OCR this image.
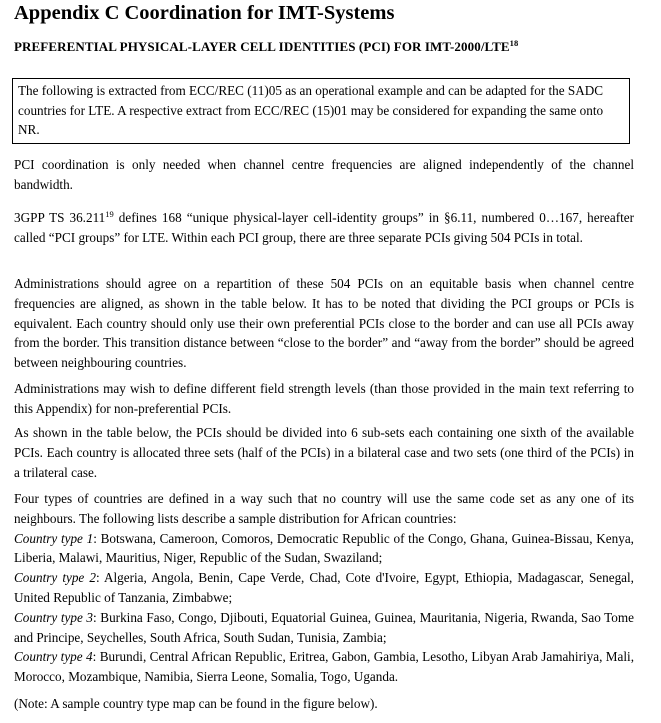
Appendix C Coordination for IMT-Systems
PREFERENTIAL PHYSICAL-LAYER CELL IDENTITIES (PCI) FOR IMT-2000/LTE$^{18}$
The following is extracted from ECC/REC (11)05 as an operational example and can be adapted for the SADC countries for LTE. A respective extract from ECC/REC (15)01 may be considered for expanding the same onto NR.
PCI coordination is only needed when channel centre frequencies are aligned independently of the channel bandwidth.
3GPP TS 36.211$^{19}$ defines 168 “unique physical-layer cell-identity groups” in §6.11, numbered 0…167, hereafter called “PCI groups” for LTE. Within each PCI group, there are three separate PCIs giving 504 PCIs in total.
Administrations should agree on a repartition of these 504 PCIs on an equitable basis when channel centre frequencies are aligned, as shown in the table below. It has to be noted that dividing the PCI groups or PCIs is equivalent. Each country should only use their own preferential PCIs close to the border and can use all PCIs away from the border. This transition distance between “close to the border” and “away from the border” should be agreed between neighbouring countries.
Administrations may wish to define different field strength levels (than those provided in the main text referring to this Appendix) for non-preferential PCIs.
As shown in the table below, the PCIs should be divided into 6 sub-sets each containing one sixth of the available PCIs. Each country is allocated three sets (half of the PCIs) in a bilateral case and two sets (one third of the PCIs) in a trilateral case.
Four types of countries are defined in a way such that no country will use the same code set as any one of its neighbours. The following lists describe a sample distribution for African countries:
Country type 1: Botswana, Cameroon, Comoros, Democratic Republic of the Congo, Ghana, Guinea-Bissau, Kenya, Liberia, Malawi, Mauritius, Niger, Republic of the Sudan, Swaziland;
Country type 2: Algeria, Angola, Benin, Cape Verde, Chad, Cote d'Ivoire, Egypt, Ethiopia, Madagascar, Senegal, United Republic of Tanzania, Zimbabwe;
Country type 3: Burkina Faso, Congo, Djibouti, Equatorial Guinea, Guinea, Mauritania, Nigeria, Rwanda, Sao Tome and Principe, Seychelles, South Africa, South Sudan, Tunisia, Zambia;
Country type 4: Burundi, Central African Republic, Eritrea, Gabon, Gambia, Lesotho, Libyan Arab Jamahiriya, Mali, Morocco, Mozambique, Namibia, Sierra Leone, Somalia, Togo, Uganda.
(Note: A sample country type map can be found in the figure below).
